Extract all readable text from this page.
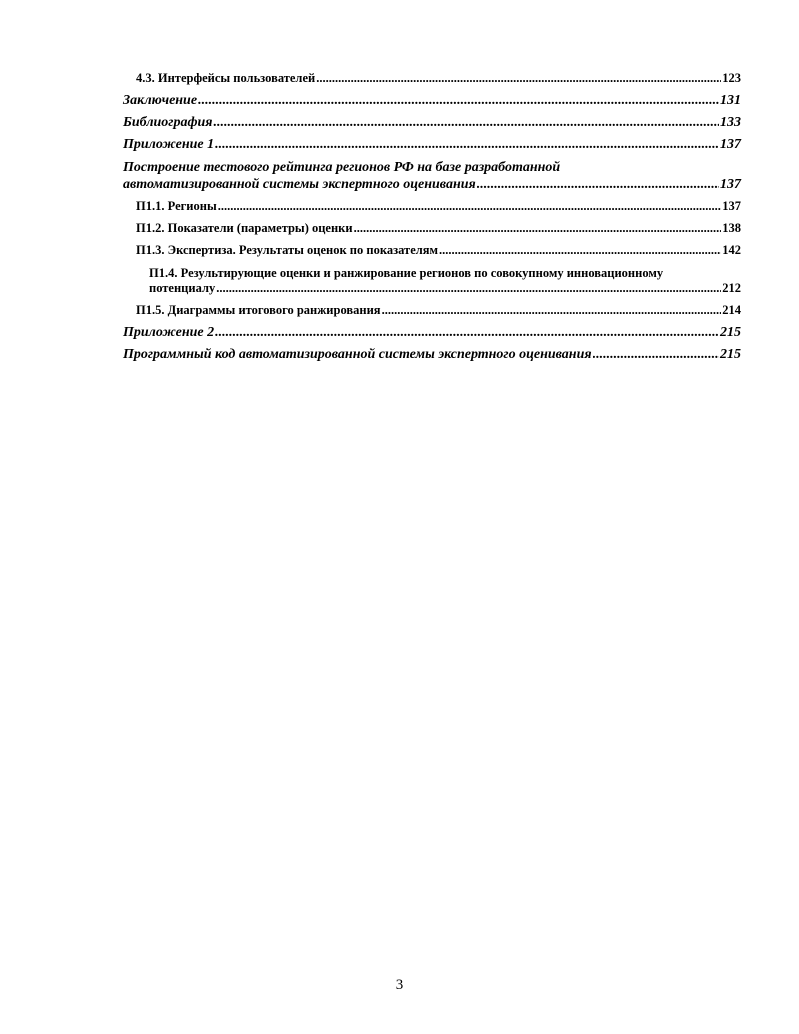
4.3. Интерфейсы пользователей .....	123
Заключение .....	131
Библиография .....	133
Приложение 1 .....	137
Построение тестового рейтинга регионов РФ на базе разработанной
автоматизированной системы экспертного оценивания .....	137
П1.1. Регионы .....	137
П1.2. Показатели (параметры) оценки .....	138
П1.3. Экспертиза. Результаты оценок по показателям .....	142
П1.4. Результирующие оценки и ранжирование регионов по совокупному инновационному
потенциалу .....	212
П1.5. Диаграммы итогового ранжирования .....	214
Приложение 2 .....	215
Программный код автоматизированной системы экспертного оценивания .....	215
3
